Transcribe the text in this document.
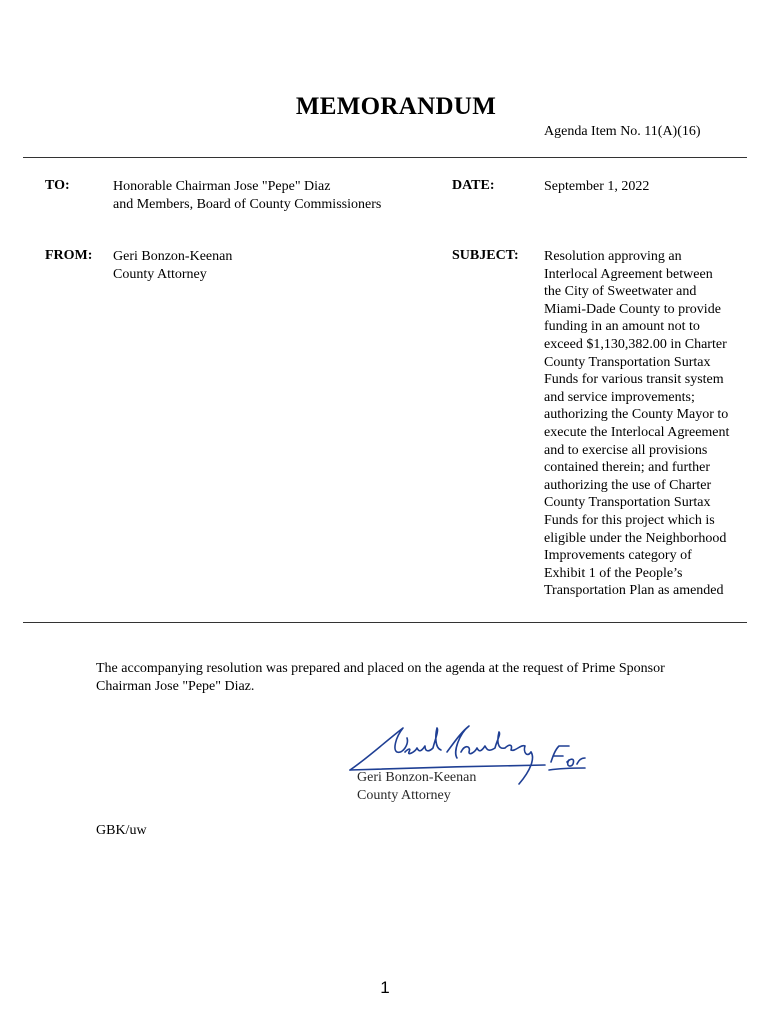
MEMORANDUM
Agenda Item No. 11(A)(16)
TO:	Honorable Chairman Jose "Pepe" Diaz
and Members, Board of County Commissioners
DATE:	September 1, 2022
FROM: Geri Bonzon-Keenan
County Attorney
SUBJECT: Resolution approving an
Interlocal Agreement between
the City of Sweetwater and
Miami-Dade County to provide
funding in an amount not to
exceed $1,130,382.00 in Charter
County Transportation Surtax
Funds for various transit system
and service improvements;
authorizing the County Mayor to
execute the Interlocal Agreement
and to exercise all provisions
contained therein; and further
authorizing the use of Charter
County Transportation Surtax
Funds for this project which is
eligible under the Neighborhood
Improvements category of
Exhibit 1 of the People’s
Transportation Plan as amended
The accompanying resolution was prepared and placed on the agenda at the request of Prime Sponsor
Chairman Jose "Pepe" Diaz.
Geri Bonzon-Keenan
County Attorney
GBK/uw
1
